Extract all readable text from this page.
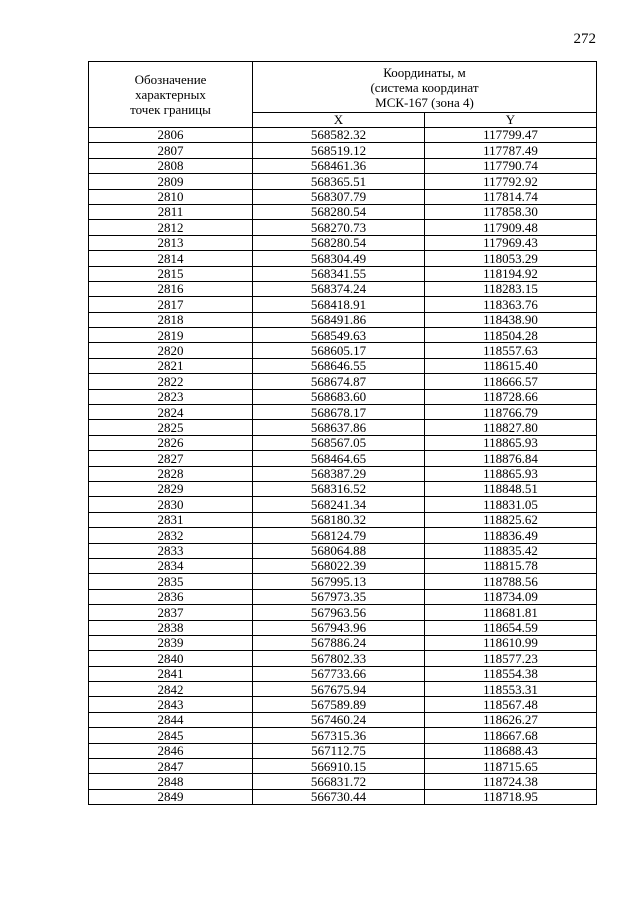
272
Обозначение
характерных
точек границы	Координаты, м
(система координат
МСК-167 (зона 4)	

	X	Y
2806	568582.32	117799.47
2807	568519.12	117787.49
2808	568461.36	117790.74
2809	568365.51	117792.92
2810	568307.79	117814.74
2811	568280.54	117858.30
2812	568270.73	117909.48
2813	568280.54	117969.43
2814	568304.49	118053.29
2815	568341.55	118194.92
2816	568374.24	118283.15
2817	568418.91	118363.76
2818	568491.86	118438.90
2819	568549.63	118504.28
2820	568605.17	118557.63
2821	568646.55	118615.40
2822	568674.87	118666.57
2823	568683.60	118728.66
2824	568678.17	118766.79
2825	568637.86	118827.80
2826	568567.05	118865.93
2827	568464.65	118876.84
2828	568387.29	118865.93
2829	568316.52	118848.51
2830	568241.34	118831.05
2831	568180.32	118825.62
2832	568124.79	118836.49
2833	568064.88	118835.42
2834	568022.39	118815.78
2835	567995.13	118788.56
2836	567973.35	118734.09
2837	567963.56	118681.81
2838	567943.96	118654.59
2839	567886.24	118610.99
2840	567802.33	118577.23
2841	567733.66	118554.38
2842	567675.94	118553.31
2843	567589.89	118567.48
2844	567460.24	118626.27
2845	567315.36	118667.68
2846	567112.75	118688.43
2847	566910.15	118715.65
2848	566831.72	118724.38
2849	566730.44	118718.95
